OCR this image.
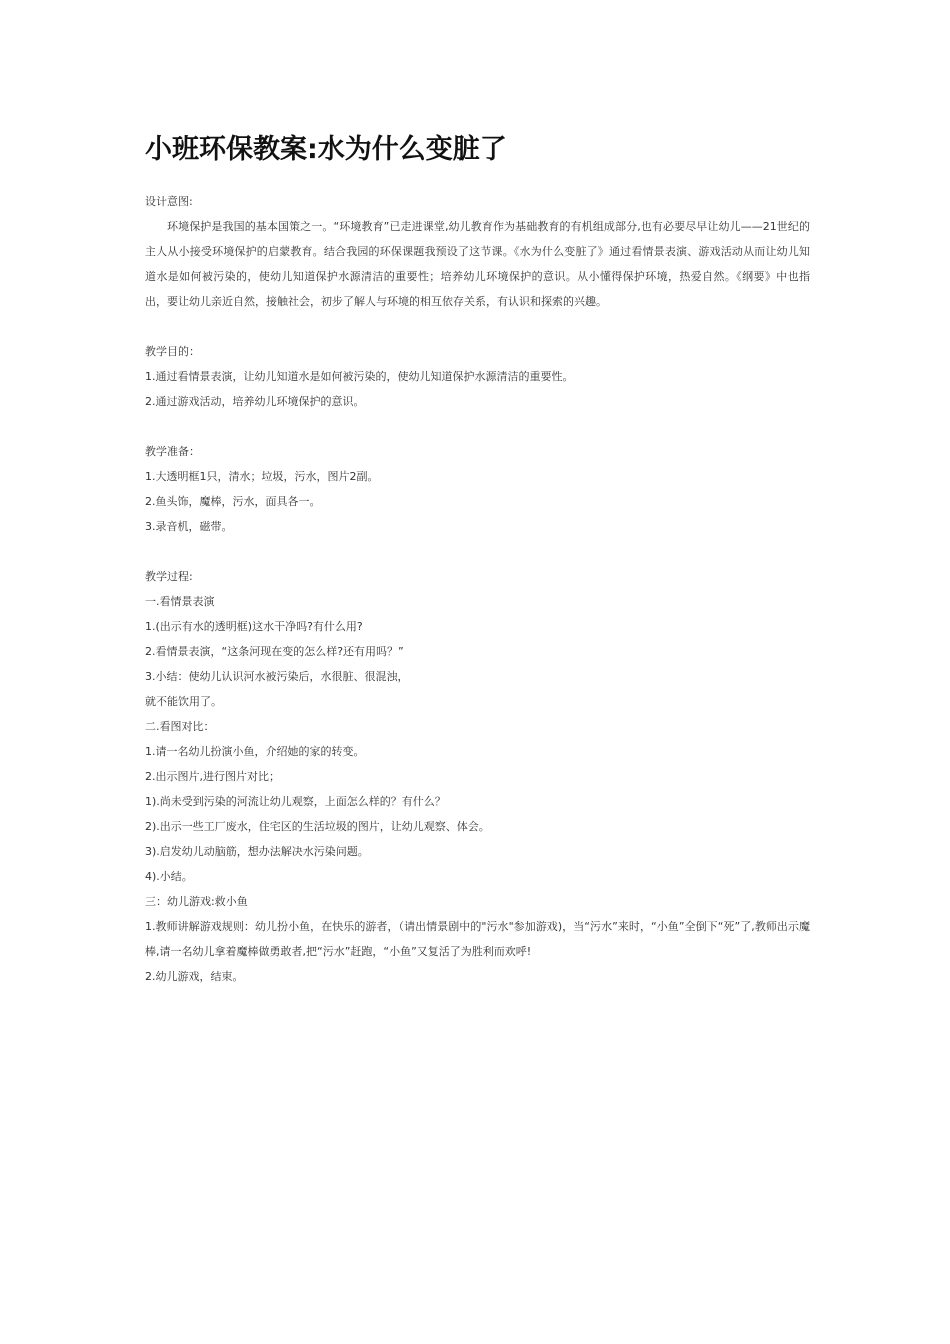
小班环保教案:水为什么变脏了

设计意图:

环境保护是我国的基本国策之一。“环境教育”已走进课堂,幼儿教育作为基础教育的有机组成部分,也有必要尽早让幼儿——21世纪的主人从小接受环境保护的启蒙教育。结合我园的环保课题我预设了这节课。《水为什么变脏了》通过看情景表演、游戏活动从而让幼儿知道水是如何被污染的，使幼儿知道保护水源清洁的重要性；培养幼儿环境保护的意识。从小懂得保护环境，热爱自然。《纲要》中也指出，要让幼儿亲近自然，接触社会，初步了解人与环境的相互依存关系，有认识和探索的兴趣。

教学目的：

1.通过看情景表演，让幼儿知道水是如何被污染的，使幼儿知道保护水源清洁的重要性。

2.通过游戏活动，培养幼儿环境保护的意识。

教学准备：

1.大透明框1只，清水；垃圾，污水，图片2副。

2.鱼头饰，魔棒，污水，面具各一。

3.录音机，磁带。

教学过程:

一.看情景表演

1.(出示有水的透明框)这水干净吗?有什么用?

2.看情景表演，“这条河现在变的怎么样?还有用吗？”

3.小结：使幼儿认识河水被污染后，水很脏、很混浊，

就不能饮用了。

二.看图对比：

1.请一名幼儿扮演小鱼，介绍她的家的转变。

2.出示图片,进行图片对比；

1).尚未受到污染的河流让幼儿观察，上面怎么样的？有什么？

2).出示一些工厂废水，住宅区的生活垃圾的图片，让幼儿观察、体会。

3).启发幼儿动脑筋，想办法解决水污染问题。

4).小结。

三：幼儿游戏:救小鱼

1.教师讲解游戏规则：幼儿扮小鱼，在快乐的游者，（请出情景剧中的"污水"参加游戏)，当“污水”来时，“小鱼”全倒下“死”了,教师出示魔棒,请一名幼儿拿着魔棒做勇敢者,把“污水”赶跑，“小鱼”又复活了为胜利而欢呼!

2.幼儿游戏，结束。
